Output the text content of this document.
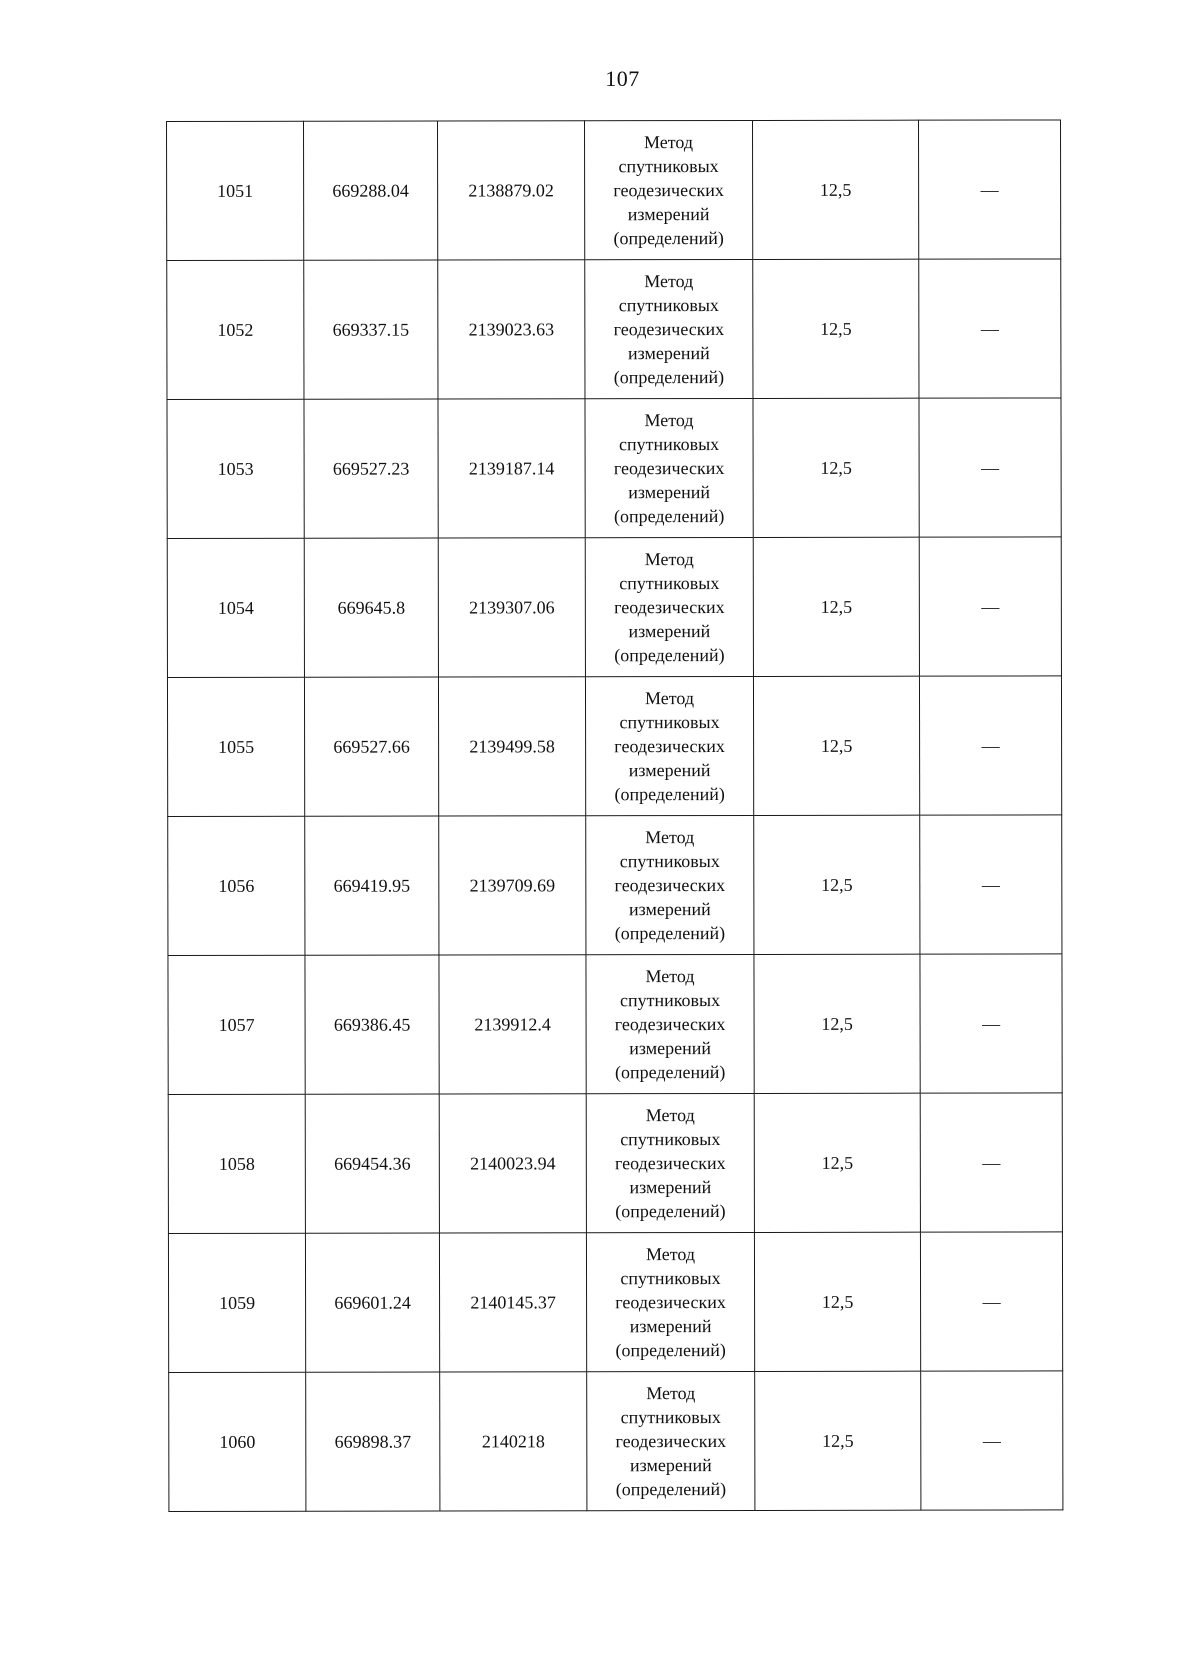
107
1051	669288.04	2138879.02	Метод
спутниковых
геодезических
измерений
(определений)	12,5	—
1052	669337.15	2139023.63	Метод
спутниковых
геодезических
измерений
(определений)	12,5	—
1053	669527.23	2139187.14	Метод
спутниковых
геодезических
измерений
(определений)	12,5	—
1054	669645.8	2139307.06	Метод
спутниковых
геодезических
измерений
(определений)	12,5	—
1055	669527.66	2139499.58	Метод
спутниковых
геодезических
измерений
(определений)	12,5	—
1056	669419.95	2139709.69	Метод
спутниковых
геодезических
измерений
(определений)	12,5	—
1057	669386.45	2139912.4	Метод
спутниковых
геодезических
измерений
(определений)	12,5	—
1058	669454.36	2140023.94	Метод
спутниковых
геодезических
измерений
(определений)	12,5	—
1059	669601.24	2140145.37	Метод
спутниковых
геодезических
измерений
(определений)	12,5	—
1060	669898.37	2140218	Метод
спутниковых
геодезических
измерений
(определений)	12,5	—
